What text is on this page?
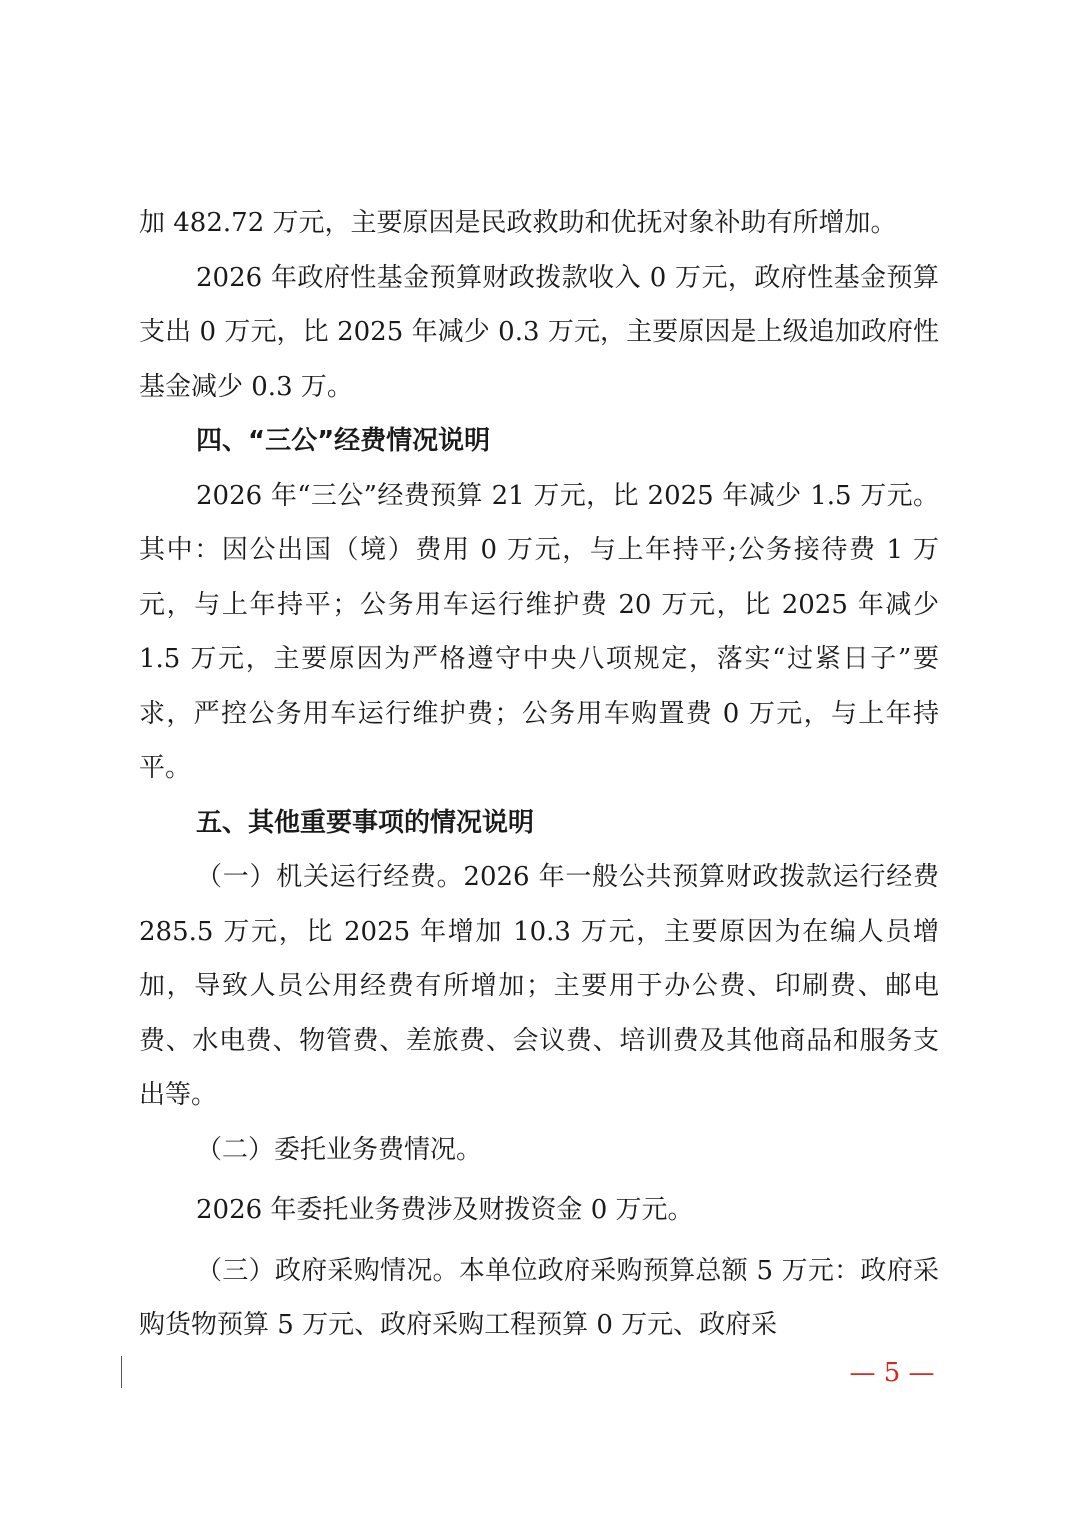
加 482.72 万元，主要原因是民政救助和优抚对象补助有所增加。

2026 年政府性基金预算财政拨款收入 0 万元，政府性基金预算支出 0 万元，比 2025 年减少 0.3 万元，主要原因是上级追加政府性基金减少 0.3 万。

四、“三公”经费情况说明

2026 年“三公”经费预算 21 万元，比 2025 年减少 1.5 万元。其中：因公出国（境）费用 0 万元，与上年持平;公务接待费 1 万元，与上年持平；公务用车运行维护费 20 万元，比 2025 年减少 1.5 万元，主要原因为严格遵守中央八项规定，落实“过紧日子”要求，严控公务用车运行维护费；公务用车购置费 0 万元，与上年持平。

五、其他重要事项的情况说明

（一）机关运行经费。2026 年一般公共预算财政拨款运行经费 285.5 万元，比 2025 年增加 10.3 万元，主要原因为在编人员增加，导致人员公用经费有所增加；主要用于办公费、印刷费、邮电费、水电费、物管费、差旅费、会议费、培训费及其他商品和服务支出等。

（二）委托业务费情况。

2026 年委托业务费涉及财拨资金 0 万元。

（三）政府采购情况。本单位政府采购预算总额 5 万元：政府采购货物预算 5 万元、政府采购工程预算 0 万元、政府采

— 5 —
